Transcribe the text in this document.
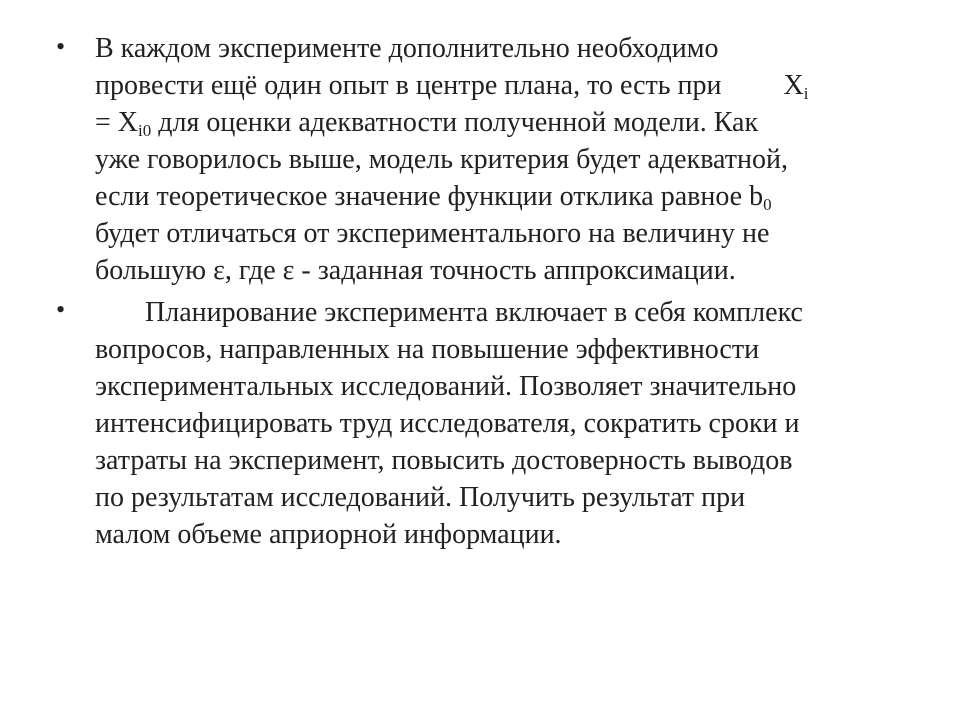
• В каждом эксперименте дополнительно необходимо
провести ещё один опыт в центре плана, то есть при $X_i$
= $X_{i0}$ для оценки адекватности полученной модели. Как
уже говорилось выше, модель критерия будет адекватной,
если теоретическое значение функции отклика равное $b_0$
будет отличаться от экспериментального на величину не
большую ε, где ε - заданная точность аппроксимации.
•	Планирование эксперимента включает в себя комплекс
вопросов, направленных на повышение эффективности
экспериментальных исследований. Позволяет значительно
интенсифицировать труд исследователя, сократить сроки и
затраты на эксперимент, повысить достоверность выводов
по результатам исследований. Получить результат при
малом объеме априорной информации.
